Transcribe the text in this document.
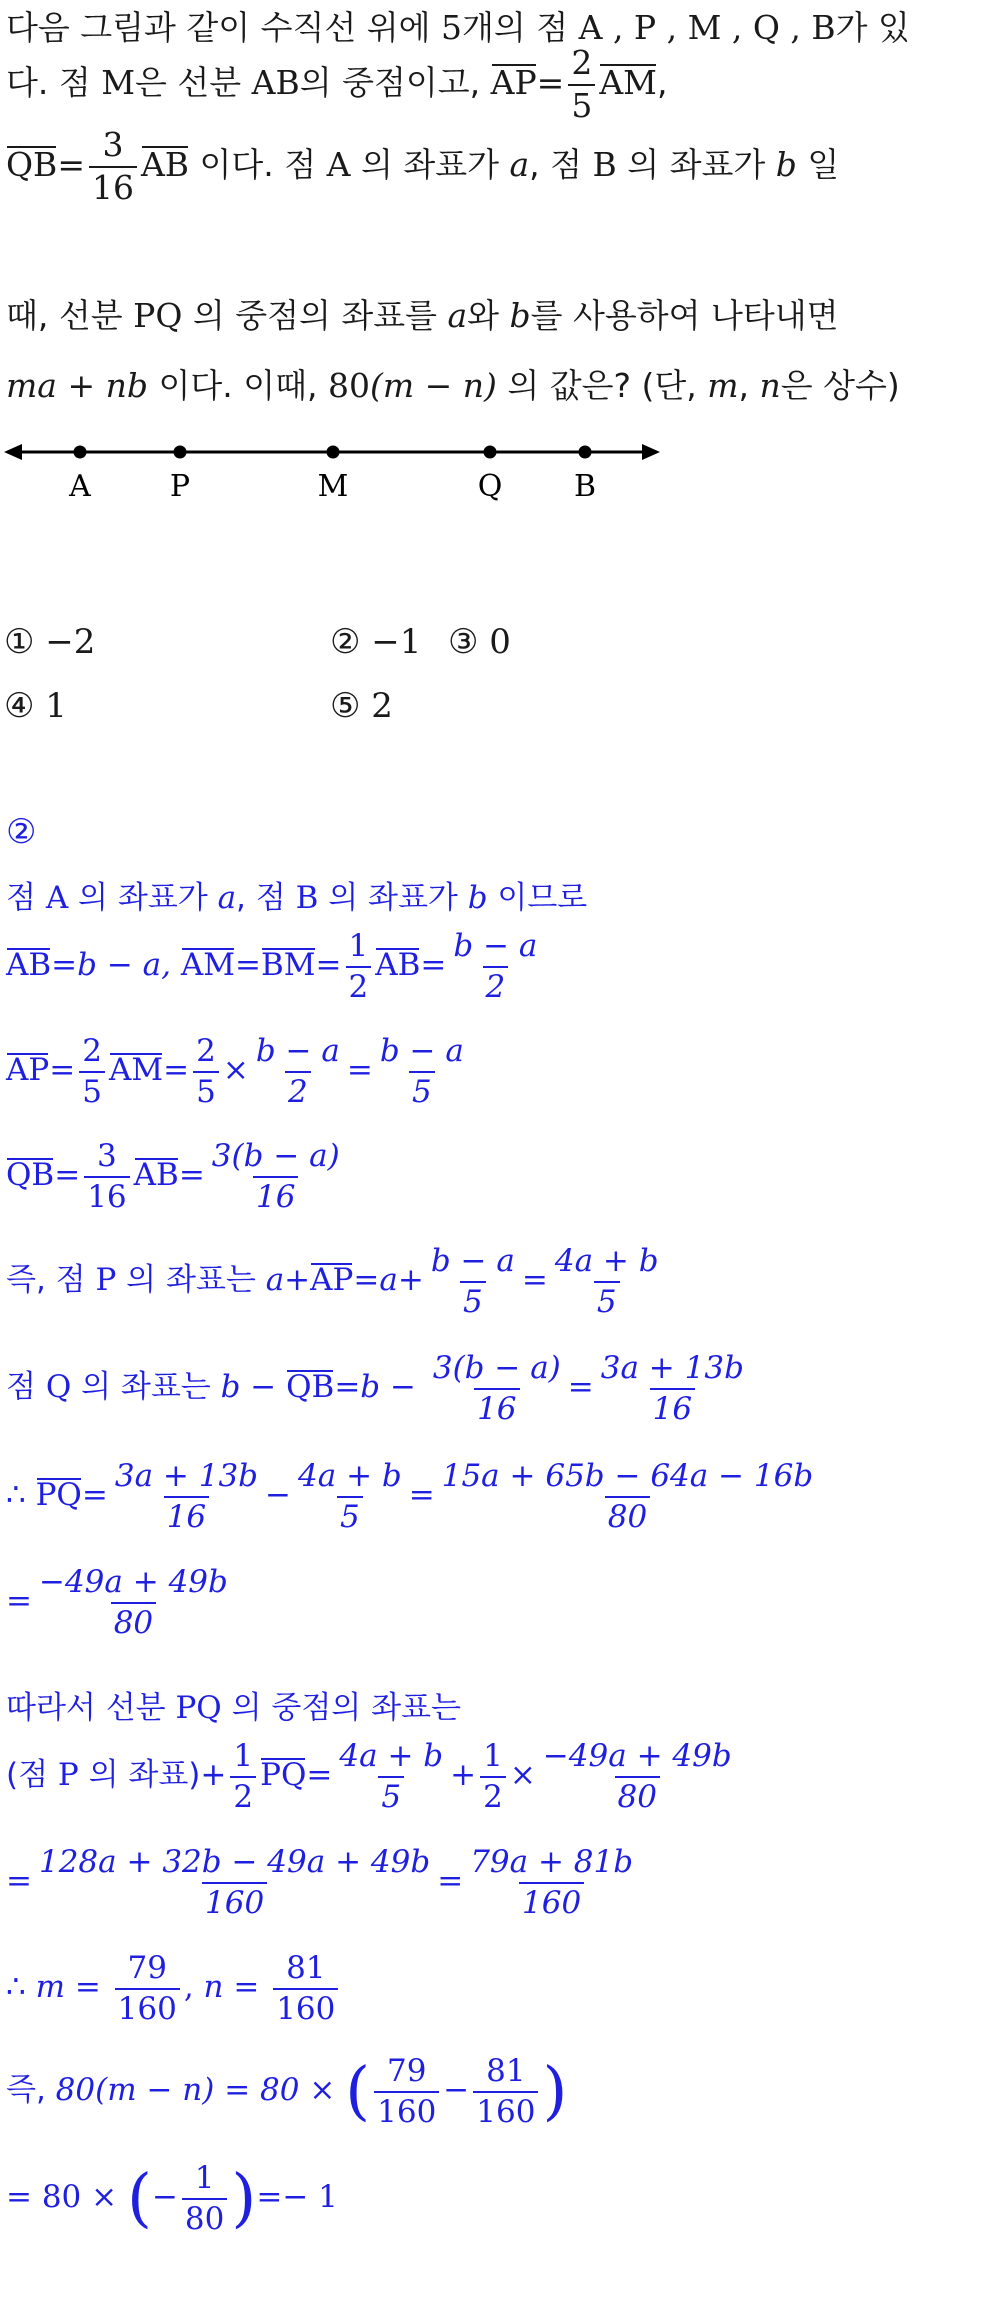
다음 그림과 같이 수직선 위에 5개의 점 A , P , M , Q , B가 있
다. 점 M은 선분 AB의 중점이고, $AP= \frac{2}{5}$ AM,
$QB= \frac{3}{16}$ AB 이다. 점 A 의 좌표가 a, 점 B 의 좌표가 b 일
때, 선분 PQ 의 중점의 좌표를 a와 b를 사용하여 나타내면
ma + nb 이다. 이때, 80(m − n) 의 값은? (단, m, n은 상수)
A	P	M	Q B
① −2	② −1 ③ 0
④ 1	⑤ 2
②
점 A 의 좌표가 a, 점 B 의 좌표가 b 이므로
AB=b − a, $AM=BM= \frac{1}{2} AB= \frac{b - a}{2}$
$AP= \frac{2}{5} AM= \frac{2}{5} \times \frac{b - a}{2} = \frac{b - a}{5}$
$QB= \frac{3}{16} AB= \frac{3(b - a)}{16}$
즉, 점 P 의 좌표는 $a+AP=a+ \frac{b - a}{5} = \frac{4a + b}{5}$
점 Q 의 좌표는 $b - QB=b - \frac{3(b - a)}{16} = \frac{3a + 13b}{16}$
∴ $PQ= \frac{3a + 13b}{16} - \frac{4a + b}{5} = \frac{15a + 65b - 64a - 16b}{80}$
= $\frac{-49a + 49b}{80}$
따라서 선분 PQ 의 중점의 좌표는
(점 P 의 좌표)+ $\frac{1}{2} PQ= \frac{4a + b}{5} + \frac{1}{2} \times \frac{-49a + 49b}{80}$
= $\frac{128a + 32b - 49a + 49b}{160} = \frac{79a + 81b}{160}$
∴ $m = \frac{79}{160}$ , $n = \frac{81}{160}$
즉, 80(m − n) = 80 × ( $\frac{79}{160} - \frac{81}{160}$ )
= 80 × (− $\frac{1}{80}$ )=− 1
